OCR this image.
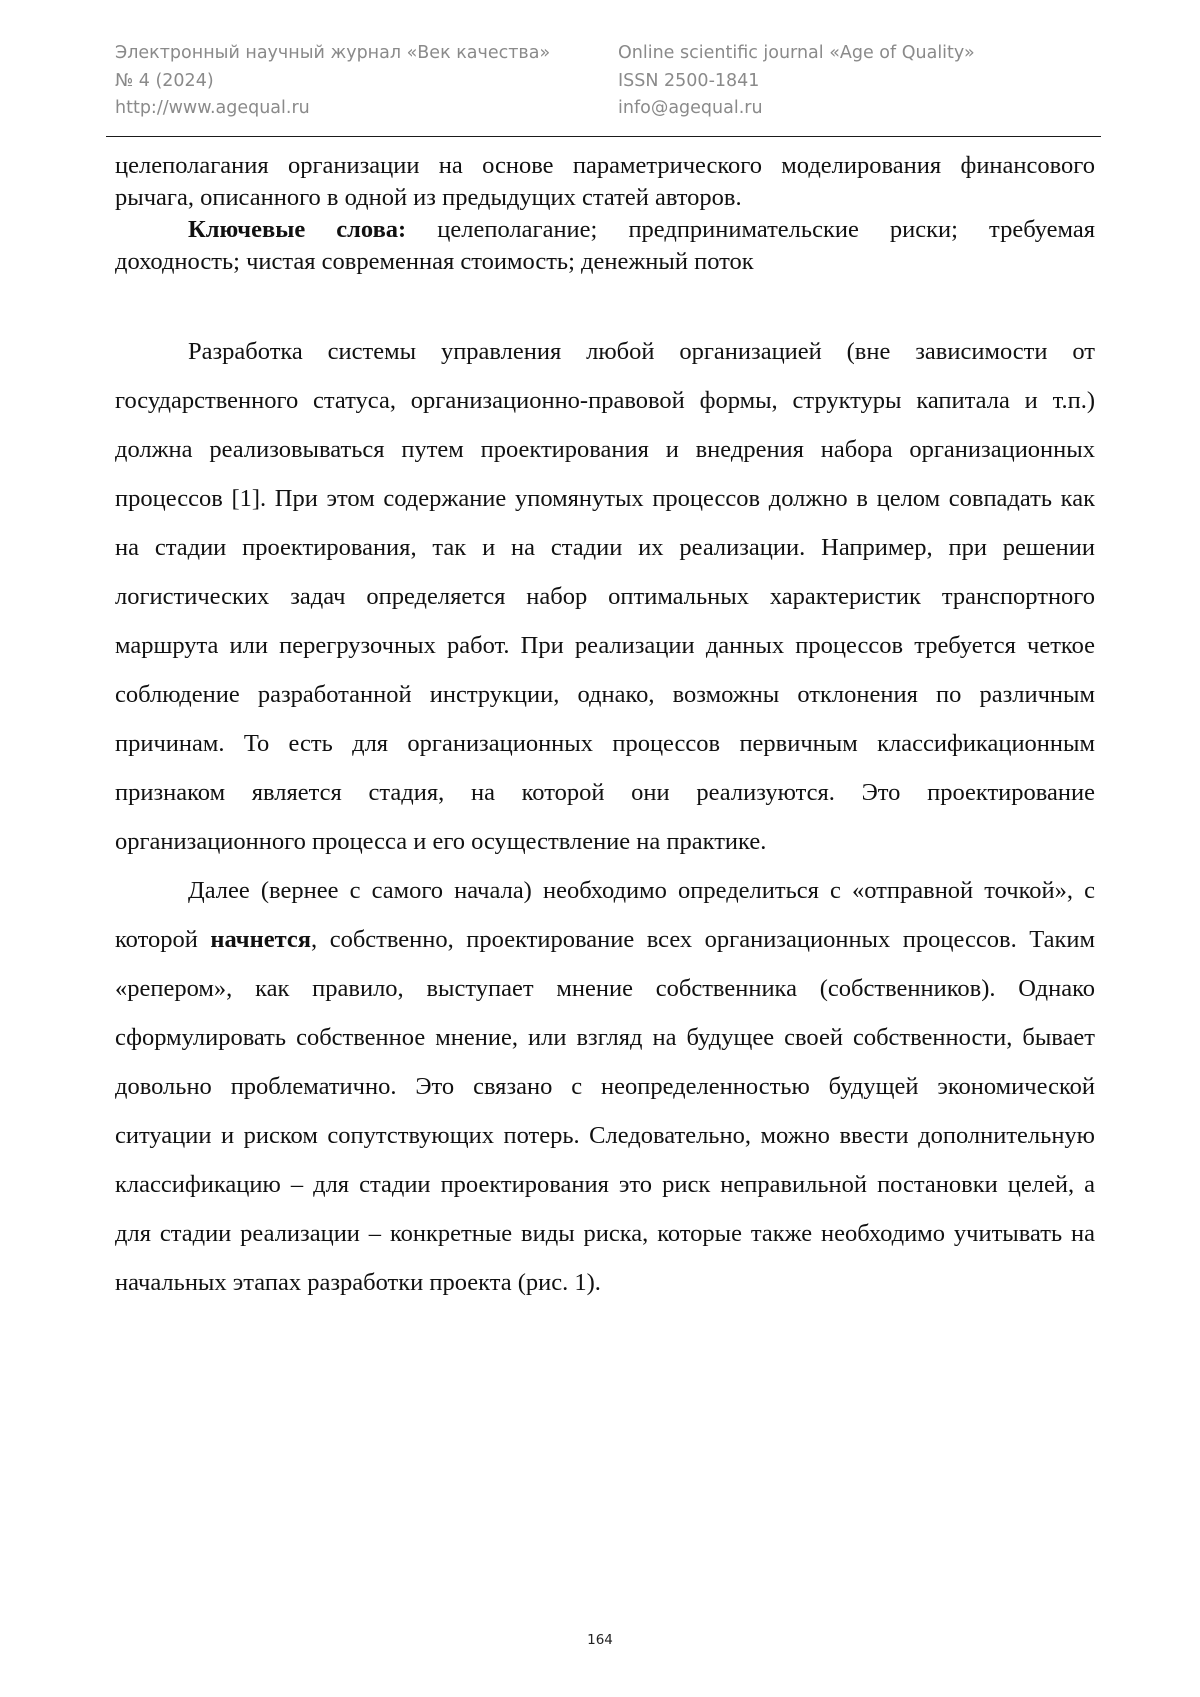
Электронный научный журнал «Век качества»
№ 4 (2024)
http://www.agequal.ru
Online scientific journal «Age of Quality»
ISSN 2500-1841
info@agequal.ru

целеполагания организации на основе параметрического моделирования финансового рычага, описанного в одной из предыдущих статей авторов.

Ключевые слова: целеполагание; предпринимательские риски; требуемая доходность; чистая современная стоимость; денежный поток

Разработка системы управления любой организацией (вне зависимости от государственного статуса, организационно-правовой формы, структуры капитала и т.п.) должна реализовываться путем проектирования и внедрения набора организационных процессов [1]. При этом содержание упомянутых процессов должно в целом совпадать как на стадии проектирования, так и на стадии их реализации. Например, при решении логистических задач определяется набор оптимальных характеристик транспортного маршрута или перегрузочных работ. При реализации данных процессов требуется четкое соблюдение разработанной инструкции, однако, возможны отклонения по различным причинам. То есть для организационных процессов первичным классификационным признаком является стадия, на которой они реализуются. Это проектирование организационного процесса и его осуществление на практике.

Далее (вернее с самого начала) необходимо определиться с «отправной точкой», с которой начнется, собственно, проектирование всех организационных процессов. Таким «репером», как правило, выступает мнение собственника (собственников). Однако сформулировать собственное мнение, или взгляд на будущее своей собственности, бывает довольно проблематично. Это связано с неопределенностью будущей экономической ситуации и риском сопутствующих потерь. Следовательно, можно ввести дополнительную классификацию – для стадии проектирования это риск неправильной постановки целей, а для стадии реализации – конкретные виды риска, которые также необходимо учитывать на начальных этапах разработки проекта (рис. 1).

164
